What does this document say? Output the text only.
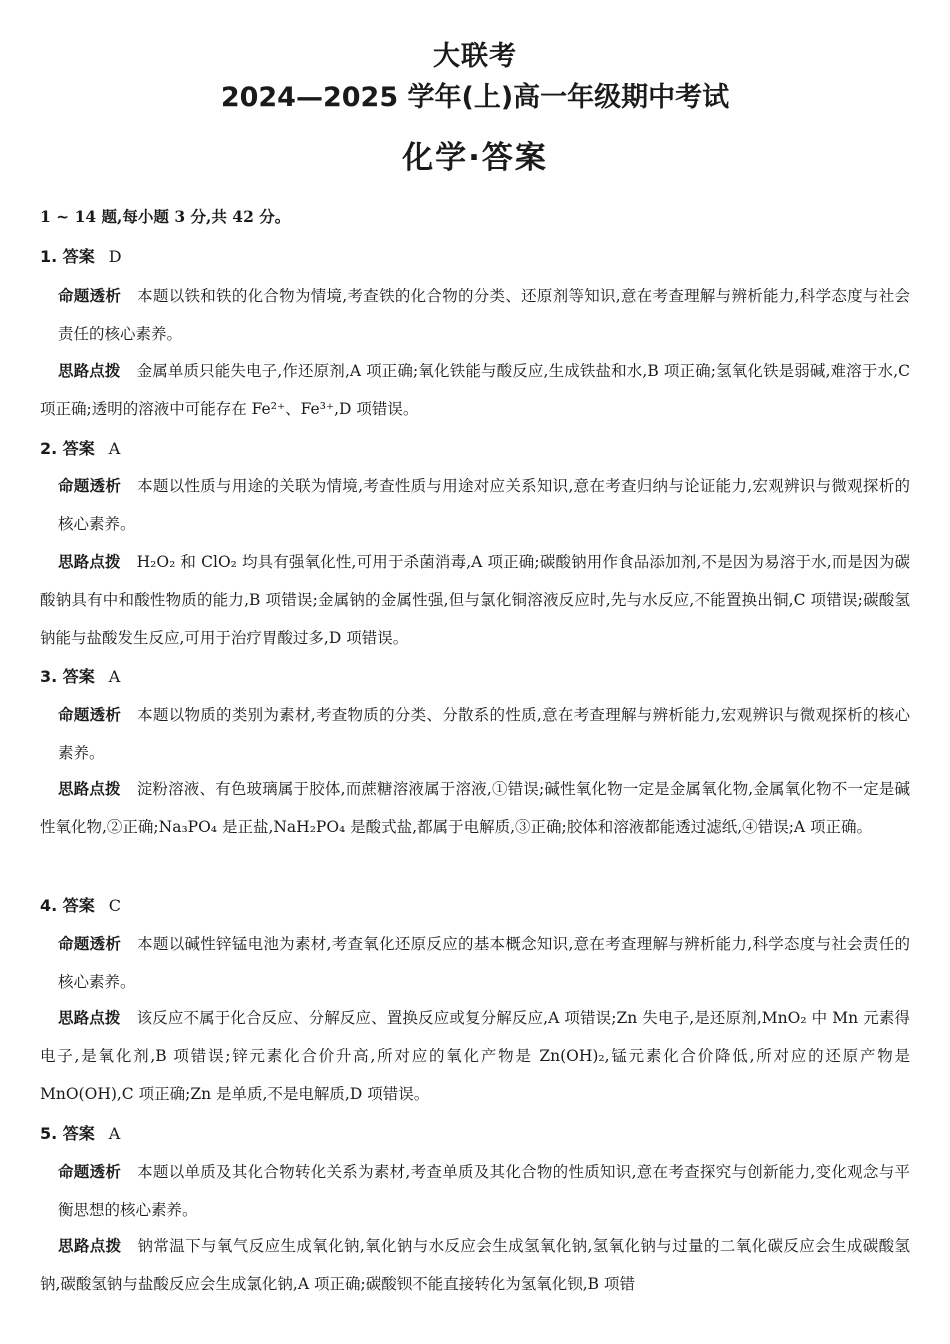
大联考
2024—2025 学年(上)高一年级期中考试
化学·答案
1 ~ 14 题,每小题 3 分,共 42 分。
1. 答案 D
命题透析 本题以铁和铁的化合物为情境,考查铁的化合物的分类、还原剂等知识,意在考查理解与辨析能力,科学态度与社会责任的核心素养。
思路点拨 金属单质只能失电子,作还原剂,A 项正确;氧化铁能与酸反应,生成铁盐和水,B 项正确;氢氧化铁是弱碱,难溶于水,C 项正确;透明的溶液中可能存在 Fe²⁺、Fe³⁺,D 项错误。
2. 答案 A
命题透析 本题以性质与用途的关联为情境,考查性质与用途对应关系知识,意在考查归纳与论证能力,宏观辨识与微观探析的核心素养。
思路点拨 H₂O₂ 和 ClO₂ 均具有强氧化性,可用于杀菌消毒,A 项正确;碳酸钠用作食品添加剂,不是因为易溶于水,而是因为碳酸钠具有中和酸性物质的能力,B 项错误;金属钠的金属性强,但与氯化铜溶液反应时,先与水反应,不能置换出铜,C 项错误;碳酸氢钠能与盐酸发生反应,可用于治疗胃酸过多,D 项错误。
3. 答案 A
命题透析 本题以物质的类别为素材,考查物质的分类、分散系的性质,意在考查理解与辨析能力,宏观辨识与微观探析的核心素养。
思路点拨 淀粉溶液、有色玻璃属于胶体,而蔗糖溶液属于溶液,①错误;碱性氧化物一定是金属氧化物,金属氧化物不一定是碱性氧化物,②正确;Na₃PO₄ 是正盐,NaH₂PO₄ 是酸式盐,都属于电解质,③正确;胶体和溶液都能透过滤纸,④错误;A 项正确。
4. 答案 C
命题透析 本题以碱性锌锰电池为素材,考查氧化还原反应的基本概念知识,意在考查理解与辨析能力,科学态度与社会责任的核心素养。
思路点拨 该反应不属于化合反应、分解反应、置换反应或复分解反应,A 项错误;Zn 失电子,是还原剂,MnO₂ 中 Mn 元素得电子,是氧化剂,B 项错误;锌元素化合价升高,所对应的氧化产物是 Zn(OH)₂,锰元素化合价降低,所对应的还原产物是 MnO(OH),C 项正确;Zn 是单质,不是电解质,D 项错误。
5. 答案 A
命题透析 本题以单质及其化合物转化关系为素材,考查单质及其化合物的性质知识,意在考查探究与创新能力,变化观念与平衡思想的核心素养。
思路点拨 钠常温下与氧气反应生成氧化钠,氧化钠与水反应会生成氢氧化钠,氢氧化钠与过量的二氧化碳反应会生成碳酸氢钠,碳酸氢钠与盐酸反应会生成氯化钠,A 项正确;碳酸钡不能直接转化为氢氧化钡,B 项错
